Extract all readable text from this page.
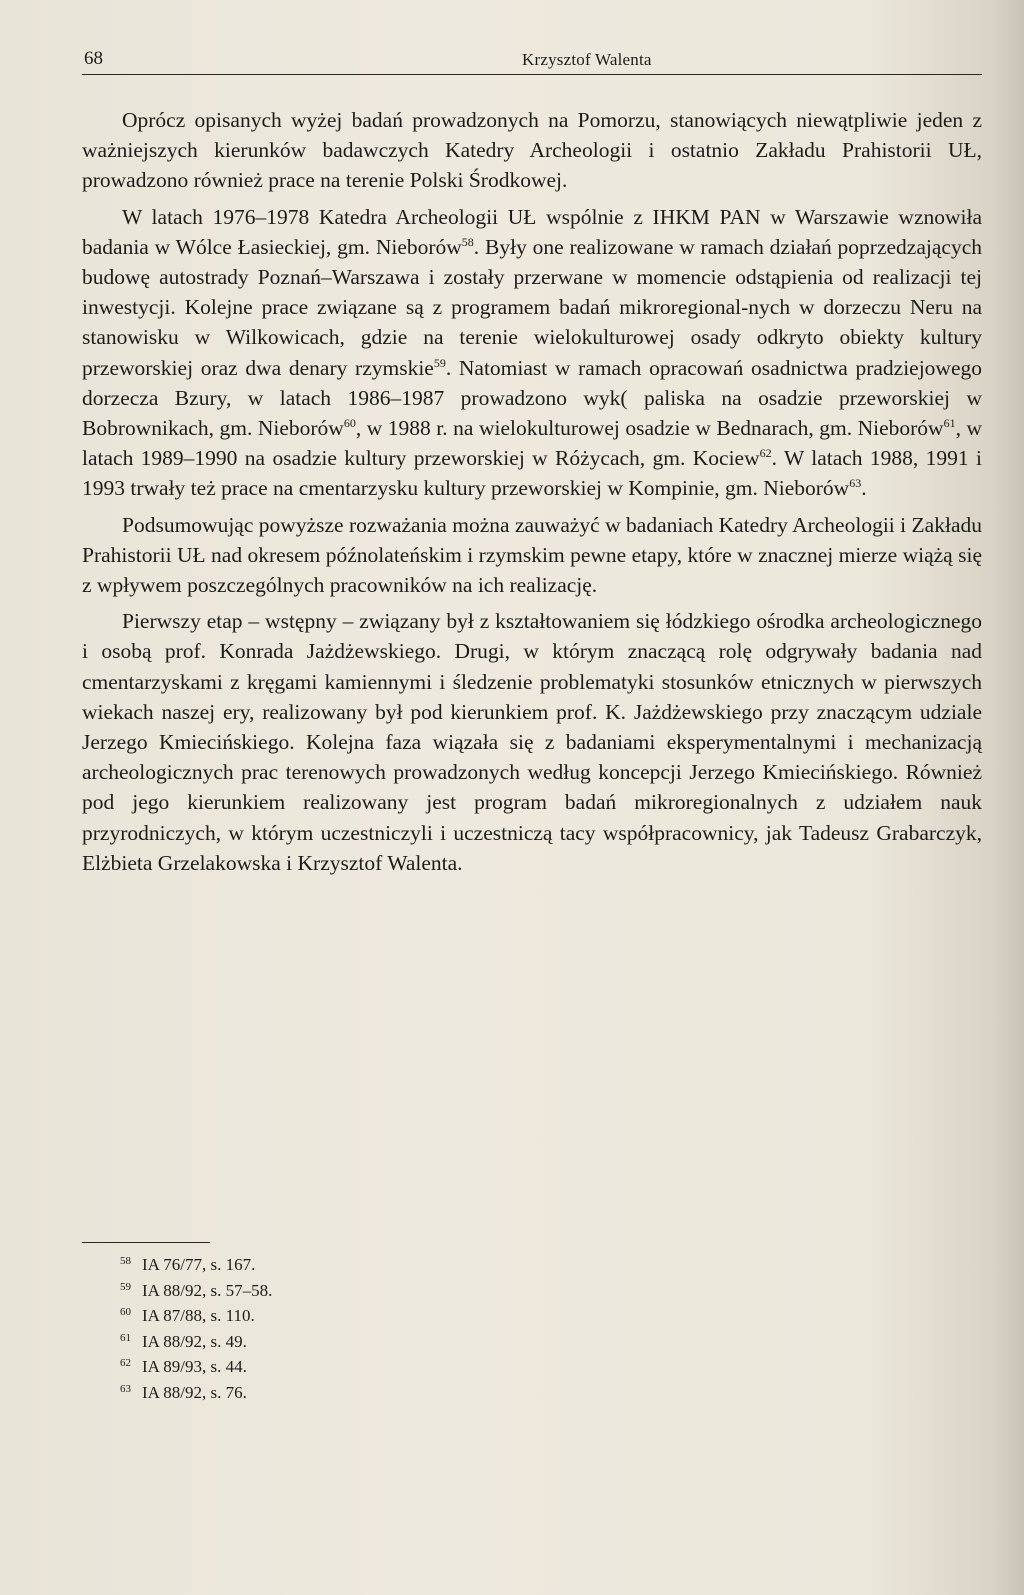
68	Krzysztof Walenta

Oprócz opisanych wyżej badań prowadzonych na Pomorzu, stanowiących niewątpliwie jeden z ważniejszych kierunków badawczych Katedry Archeologii i ostatnio Zakładu Prahistorii UŁ, prowadzono również prace na terenie Polski Środkowej.

W latach 1976–1978 Katedra Archeologii UŁ wspólnie z IHKM PAN w Warszawie wznowiła badania w Wólce Łasieckiej, gm. Nieborów$^{58}$. Były one realizowane w ramach działań poprzedzających budowę autostrady Poznań–Warszawa i zostały przerwane w momencie odstąpienia od realizacji tej inwestycji. Kolejne prace związane są z programem badań mikroregional-nych w dorzeczu Neru na stanowisku w Wilkowicach, gdzie na terenie wielokulturowej osady odkryto obiekty kultury przeworskiej oraz dwa denary rzymskie$^{59}$. Natomiast w ramach opracowań osadnictwa pradziejowego dorzecza Bzury, w latach 1986–1987 prowadzono wyk( paliska na osadzie przeworskiej w Bobrownikach, gm. Nieborów$^{60}$, w 1988 r. na wielokulturowej osadzie w Bednarach, gm. Nieborów$^{61}$, w latach 1989–1990 na osadzie kultury przeworskiej w Różycach, gm. Kociew$^{62}$. W latach 1988, 1991 i 1993 trwały też prace na cmentarzysku kultury przeworskiej w Kompinie, gm. Nieborów$^{63}$.

Podsumowując powyższe rozważania można zauważyć w badaniach Katedry Archeologii i Zakładu Prahistorii UŁ nad okresem późnolateńskim i rzymskim pewne etapy, które w znacznej mierze wiążą się z wpływem poszczególnych pracowników na ich realizację.

Pierwszy etap – wstępny – związany był z kształtowaniem się łódzkiego ośrodka archeologicznego i osobą prof. Konrada Jażdżewskiego. Drugi, w którym znaczącą rolę odgrywały badania nad cmentarzyskami z kręgami kamiennymi i śledzenie problematyki stosunków etnicznych w pierwszych wiekach naszej ery, realizowany był pod kierunkiem prof. K. Jażdżewskiego przy znaczącym udziale Jerzego Kmiecińskiego. Kolejna faza wiązała się z badaniami eksperymentalnymi i mechanizacją archeologicznych prac terenowych prowadzonych według koncepcji Jerzego Kmiecińskiego. Również pod jego kierunkiem realizowany jest program badań mikroregionalnych z udziałem nauk przyrodniczych, w którym uczestniczyli i uczestniczą tacy współpracownicy, jak Tadeusz Grabarczyk, Elżbieta Grzelakowska i Krzysztof Walenta.

58 IA 76/77, s. 167.
59 IA 88/92, s. 57–58.
60 IA 87/88, s. 110.
61 IA 88/92, s. 49.
62 IA 89/93, s. 44.
63 IA 88/92, s. 76.
